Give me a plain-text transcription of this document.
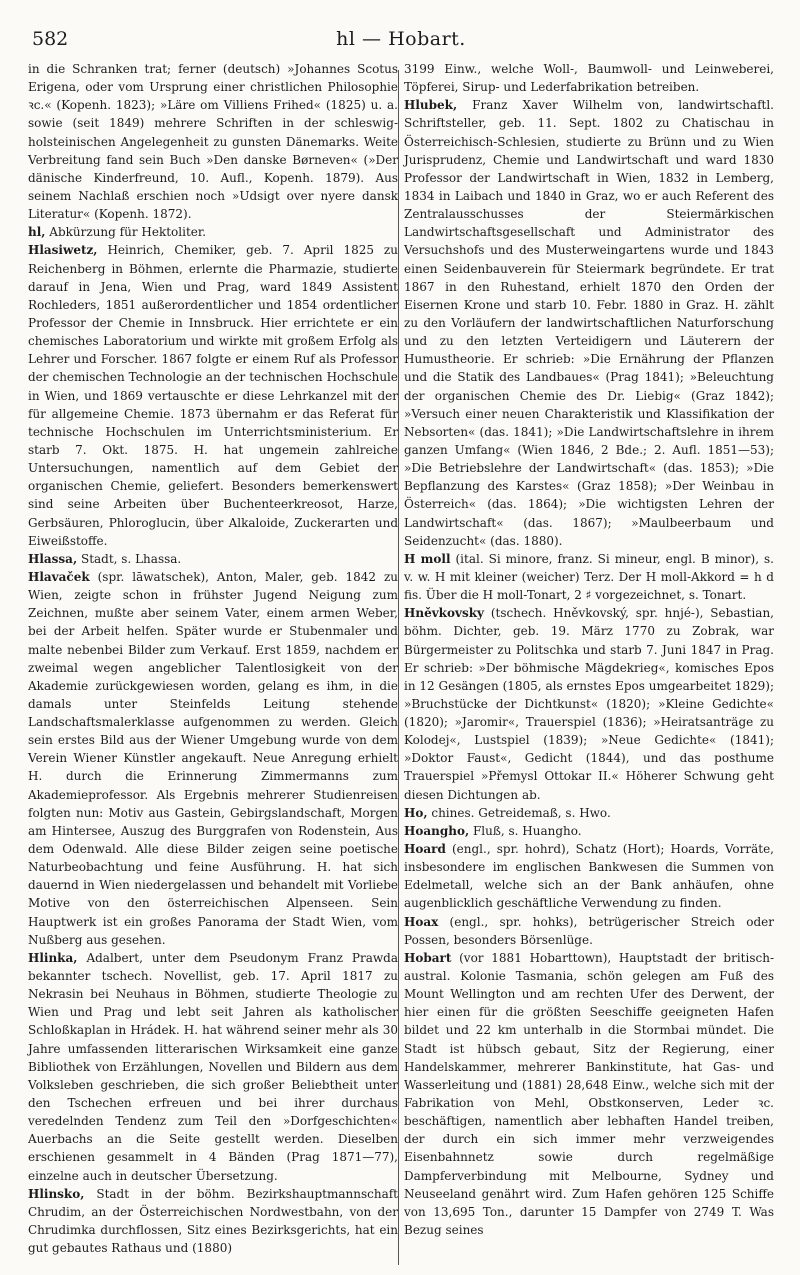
582	hl — Hobart.

in die Schranken trat; ferner (deutsch) »Johannes Scotus Erigena, oder vom Ursprung einer christlichen Philosophie ꝛc.« (Kopenh. 1823); »Läre om Villiens Frihed« (1825) u. a. sowie (seit 1849) mehrere Schriften in der schleswig-holsteinischen Angelegenheit zu gunsten Dänemarks. Weite Verbreitung fand sein Buch »Den danske Børneven« (»Der dänische Kinderfreund, 10. Aufl., Kopenh. 1879). Aus seinem Nachlaß erschien noch »Udsigt over nyere dansk Literatur« (Kopenh. 1872).

hl, Abkürzung für Hektoliter.

Hlasiwetz, Heinrich, Chemiker, geb. 7. April 1825 zu Reichenberg in Böhmen, erlernte die Pharmazie, studierte darauf in Jena, Wien und Prag, ward 1849 Assistent Rochleders, 1851 außerordentlicher und 1854 ordentlicher Professor der Chemie in Innsbruck. Hier errichtete er ein chemisches Laboratorium und wirkte mit großem Erfolg als Lehrer und Forscher. 1867 folgte er einem Ruf als Professor der chemischen Technologie an der technischen Hochschule in Wien, und 1869 vertauschte er diese Lehrkanzel mit der für allgemeine Chemie. 1873 übernahm er das Referat für technische Hochschulen im Unterrichtsministerium. Er starb 7. Okt. 1875. H. hat ungemein zahlreiche Untersuchungen, namentlich auf dem Gebiet der organischen Chemie, geliefert. Besonders bemerkenswert sind seine Arbeiten über Buchenteerkreosot, Harze, Gerbsäuren, Phloroglucin, über Alkaloide, Zuckerarten und Eiweißstoffe.

Hlassa, Stadt, s. Lhassa.

Hlavaček (spr. lāwatschek), Anton, Maler, geb. 1842 zu Wien, zeigte schon in frühster Jugend Neigung zum Zeichnen, mußte aber seinem Vater, einem armen Weber, bei der Arbeit helfen. Später wurde er Stubenmaler und malte nebenbei Bilder zum Verkauf. Erst 1859, nachdem er zweimal wegen angeblicher Talentlosigkeit von der Akademie zurückgewiesen worden, gelang es ihm, in die damals unter Steinfelds Leitung stehende Landschaftsmalerklasse aufgenommen zu werden. Gleich sein erstes Bild aus der Wiener Umgebung wurde von dem Verein Wiener Künstler angekauft. Neue Anregung erhielt H. durch die Erinnerung Zimmermanns zum Akademieprofessor. Als Ergebnis mehrerer Studienreisen folgten nun: Motiv aus Gastein, Gebirgslandschaft, Morgen am Hintersee, Auszug des Burggrafen von Rodenstein, Aus dem Odenwald. Alle diese Bilder zeigen seine poetische Naturbeobachtung und feine Ausführung. H. hat sich dauernd in Wien niedergelassen und behandelt mit Vorliebe Motive von den österreichischen Alpenseen. Sein Hauptwerk ist ein großes Panorama der Stadt Wien, vom Nußberg aus gesehen.

Hlinka, Adalbert, unter dem Pseudonym Franz Prawda bekannter tschech. Novellist, geb. 17. April 1817 zu Nekrasin bei Neuhaus in Böhmen, studierte Theologie zu Wien und Prag und lebt seit Jahren als katholischer Schloßkaplan in Hrádek. H. hat während seiner mehr als 30 Jahre umfassenden litterarischen Wirksamkeit eine ganze Bibliothek von Erzählungen, Novellen und Bildern aus dem Volksleben geschrieben, die sich großer Beliebtheit unter den Tschechen erfreuen und bei ihrer durchaus veredelnden Tendenz zum Teil den »Dorfgeschichten« Auerbachs an die Seite gestellt werden. Dieselben erschienen gesammelt in 4 Bänden (Prag 1871—77), einzelne auch in deutscher Übersetzung.

Hlinsko, Stadt in der böhm. Bezirkshauptmannschaft Chrudim, an der Österreichischen Nordwestbahn, von der Chrudimka durchflossen, Sitz eines Bezirksgerichts, hat ein gut gebautes Rathaus und (1880)

3199 Einw., welche Woll-, Baumwoll- und Leinweberei, Töpferei, Sirup- und Lederfabrikation betreiben.

Hlubek, Franz Xaver Wilhelm von, landwirtschaftl. Schriftsteller, geb. 11. Sept. 1802 zu Chatischau in Österreichisch-Schlesien, studierte zu Brünn und zu Wien Jurisprudenz, Chemie und Landwirtschaft und ward 1830 Professor der Landwirtschaft in Wien, 1832 in Lemberg, 1834 in Laibach und 1840 in Graz, wo er auch Referent des Zentralausschusses der Steiermärkischen Landwirtschaftsgesellschaft und Administrator des Versuchshofs und des Musterweingartens wurde und 1843 einen Seidenbauverein für Steiermark begründete. Er trat 1867 in den Ruhestand, erhielt 1870 den Orden der Eisernen Krone und starb 10. Febr. 1880 in Graz. H. zählt zu den Vorläufern der landwirtschaftlichen Naturforschung und zu den letzten Verteidigern und Läuterern der Humustheorie. Er schrieb: »Die Ernährung der Pflanzen und die Statik des Landbaues« (Prag 1841); »Beleuchtung der organischen Chemie des Dr. Liebig« (Graz 1842); »Versuch einer neuen Charakteristik und Klassifikation der Nebsorten« (das. 1841); »Die Landwirtschaftslehre in ihrem ganzen Umfang« (Wien 1846, 2 Bde.; 2. Aufl. 1851—53); »Die Betriebslehre der Landwirtschaft« (das. 1853); »Die Bepflanzung des Karstes« (Graz 1858); »Der Weinbau in Österreich« (das. 1864); »Die wichtigsten Lehren der Landwirtschaft« (das. 1867); »Maulbeerbaum und Seidenzucht« (das. 1880).

H moll (ital. Si minore, franz. Si mineur, engl. B minor), s. v. w. H mit kleiner (weicher) Terz. Der H moll-Akkord = h d fis. Über die H moll-Tonart, 2 ♯ vorgezeichnet, s. Tonart.

Hněvkovsky (tschech. Hněvkovský, spr. hnjé-), Sebastian, böhm. Dichter, geb. 19. März 1770 zu Zobrak, war Bürgermeister zu Politschka und starb 7. Juni 1847 in Prag. Er schrieb: »Der böhmische Mägdekrieg«, komisches Epos in 12 Gesängen (1805, als ernstes Epos umgearbeitet 1829); »Bruchstücke der Dichtkunst« (1820); »Kleine Gedichte« (1820); »Jaromir«, Trauerspiel (1836); »Heiratsanträge zu Kolodej«, Lustspiel (1839); »Neue Gedichte« (1841); »Doktor Faust«, Gedicht (1844), und das posthume Trauerspiel »Přemysl Ottokar II.« Höherer Schwung geht diesen Dichtungen ab.

Ho, chines. Getreidemaß, s. Hwo.

Hoangho, Fluß, s. Huangho.

Hoard (engl., spr. hohrd), Schatz (Hort); Hoards, Vorräte, insbesondere im englischen Bankwesen die Summen von Edelmetall, welche sich an der Bank anhäufen, ohne augenblicklich geschäftliche Verwendung zu finden.

Hoax (engl., spr. hohks), betrügerischer Streich oder Possen, besonders Börsenlüge.

Hobart (vor 1881 Hobarttown), Hauptstadt der britisch-austral. Kolonie Tasmania, schön gelegen am Fuß des Mount Wellington und am rechten Ufer des Derwent, der hier einen für die größten Seeschiffe geeigneten Hafen bildet und 22 km unterhalb in die Stormbai mündet. Die Stadt ist hübsch gebaut, Sitz der Regierung, einer Handelskammer, mehrerer Bankinstitute, hat Gas- und Wasserleitung und (1881) 28,648 Einw., welche sich mit der Fabrikation von Mehl, Obstkonserven, Leder ꝛc. beschäftigen, namentlich aber lebhaften Handel treiben, der durch ein sich immer mehr verzweigendes Eisenbahnnetz sowie durch regelmäßige Dampferverbindung mit Melbourne, Sydney und Neuseeland genährt wird. Zum Hafen gehören 125 Schiffe von 13,695 Ton., darunter 15 Dampfer von 2749 T. Was Bezug seines
